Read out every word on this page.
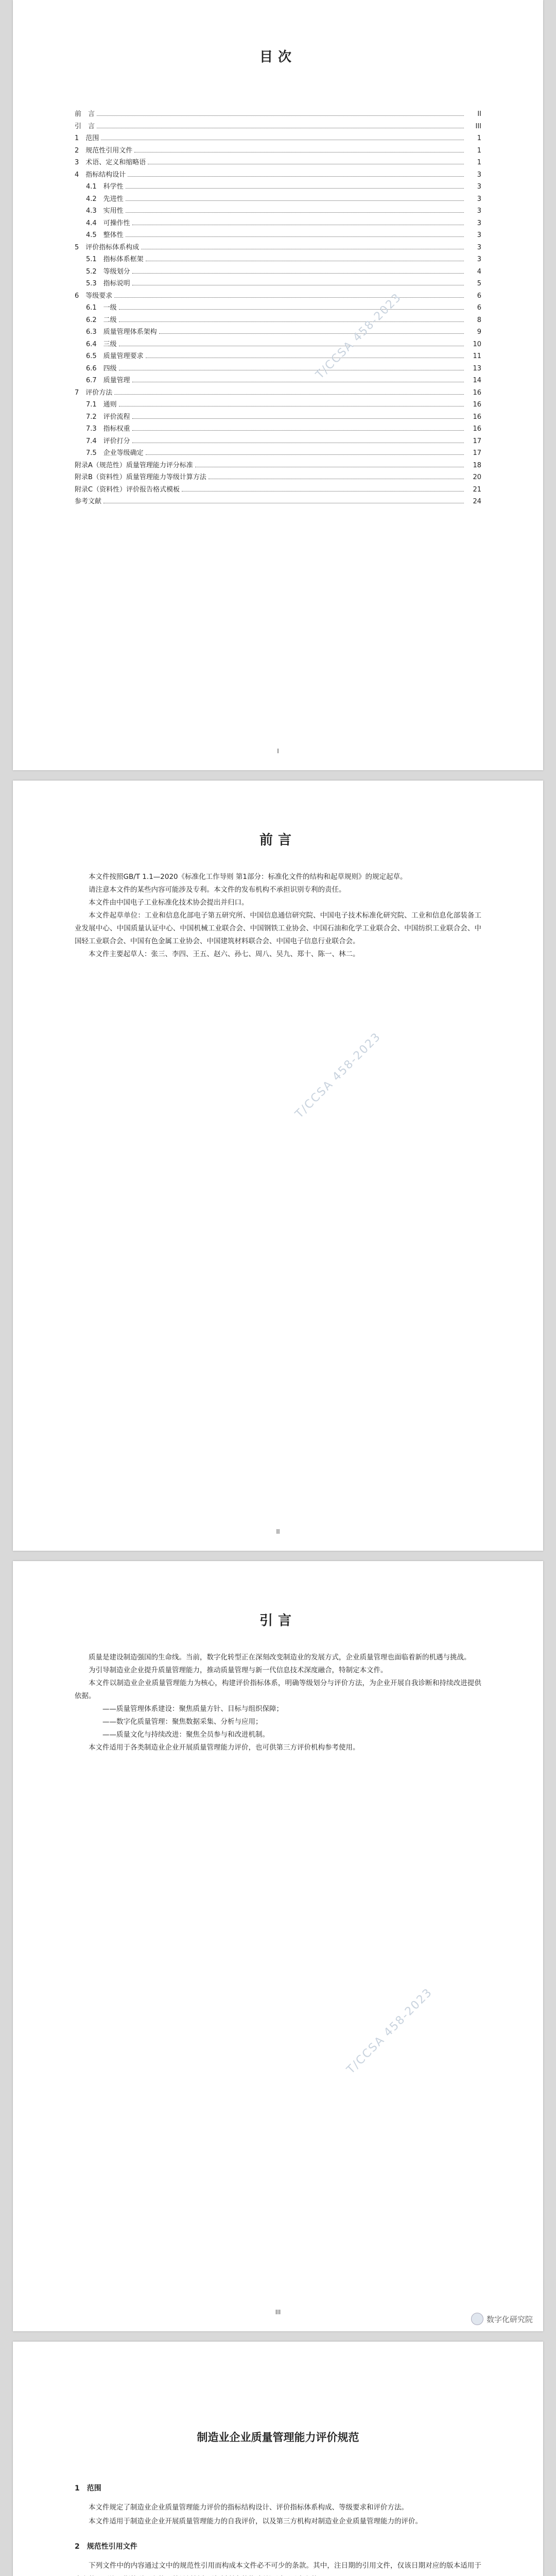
目次
前　言	II
引　言	III
1　范围	1
2　规范性引用文件	1
3　术语、定义和缩略语	1
4　指标结构设计	3
4.1　科学性	3
4.2　先进性	3
4.3　实用性	3
4.4　可操作性	3
4.5　整体性	3
5　评价指标体系构成	3
5.1　指标体系框架	3
5.2　等级划分	4
5.3　指标说明	5
6　等级要求	6
6.1　一级	6
6.2　二级	8
6.3　质量管理体系架构	9
6.4　三级	10
6.5　质量管理要求	11
6.6　四级	13
6.7　质量管理	14
7　评价方法	16
7.1　通则	16
7.2　评价流程	16
7.3　指标权重	16
7.4　评价打分	17
7.5　企业等级确定	17
附录A（规范性）质量管理能力评分标准	18
附录B（资料性）质量管理能力等级计算方法	20
附录C（资料性）评价报告格式模板	21
参考文献	24
T/CCSA 458-2023
I
前言

本文件按照GB/T 1.1—2020《标准化工作导则 第1部分：标准化文件的结构和起草规则》的规定起草。

请注意本文件的某些内容可能涉及专利。本文件的发布机构不承担识别专利的责任。

本文件由中国电子工业标准化技术协会提出并归口。

本文件起草单位：工业和信息化部电子第五研究所、中国信息通信研究院、中国电子技术标准化研究院、工业和信息化部装备工业发展中心、中国质量认证中心、中国机械工业联合会、中国钢铁工业协会、中国石油和化学工业联合会、中国纺织工业联合会、中国轻工业联合会、中国有色金属工业协会、中国建筑材料联合会、中国电子信息行业联合会。

本文件主要起草人：张三、李四、王五、赵六、孙七、周八、吴九、郑十、陈一、林二。

T/CCSA 458-2023
II
引言

质量是建设制造强国的生命线。当前，数字化转型正在深刻改变制造业的发展方式，企业质量管理也面临着新的机遇与挑战。

为引导制造业企业提升质量管理能力，推动质量管理与新一代信息技术深度融合，特制定本文件。

本文件以制造业企业质量管理能力为核心，构建评价指标体系，明确等级划分与评价方法，为企业开展自我诊断和持续改进提供依据。

——质量管理体系建设：聚焦质量方针、目标与组织保障；

——数字化质量管理：聚焦数据采集、分析与应用；

——质量文化与持续改进：聚焦全员参与和改进机制。

本文件适用于各类制造业企业开展质量管理能力评价，也可供第三方评价机构参考使用。

T/CCSA 458-2023
III
数字化研究院
制造业企业质量管理能力评价规范
1　范围

本文件规定了制造业企业质量管理能力评价的指标结构设计、评价指标体系构成、等级要求和评价方法。

本文件适用于制造业企业开展质量管理能力的自我评价，以及第三方机构对制造业企业质量管理能力的评价。

2　规范性引用文件

下列文件中的内容通过文中的规范性引用而构成本文件必不可少的条款。其中，注日期的引用文件，仅该日期对应的版本适用于
